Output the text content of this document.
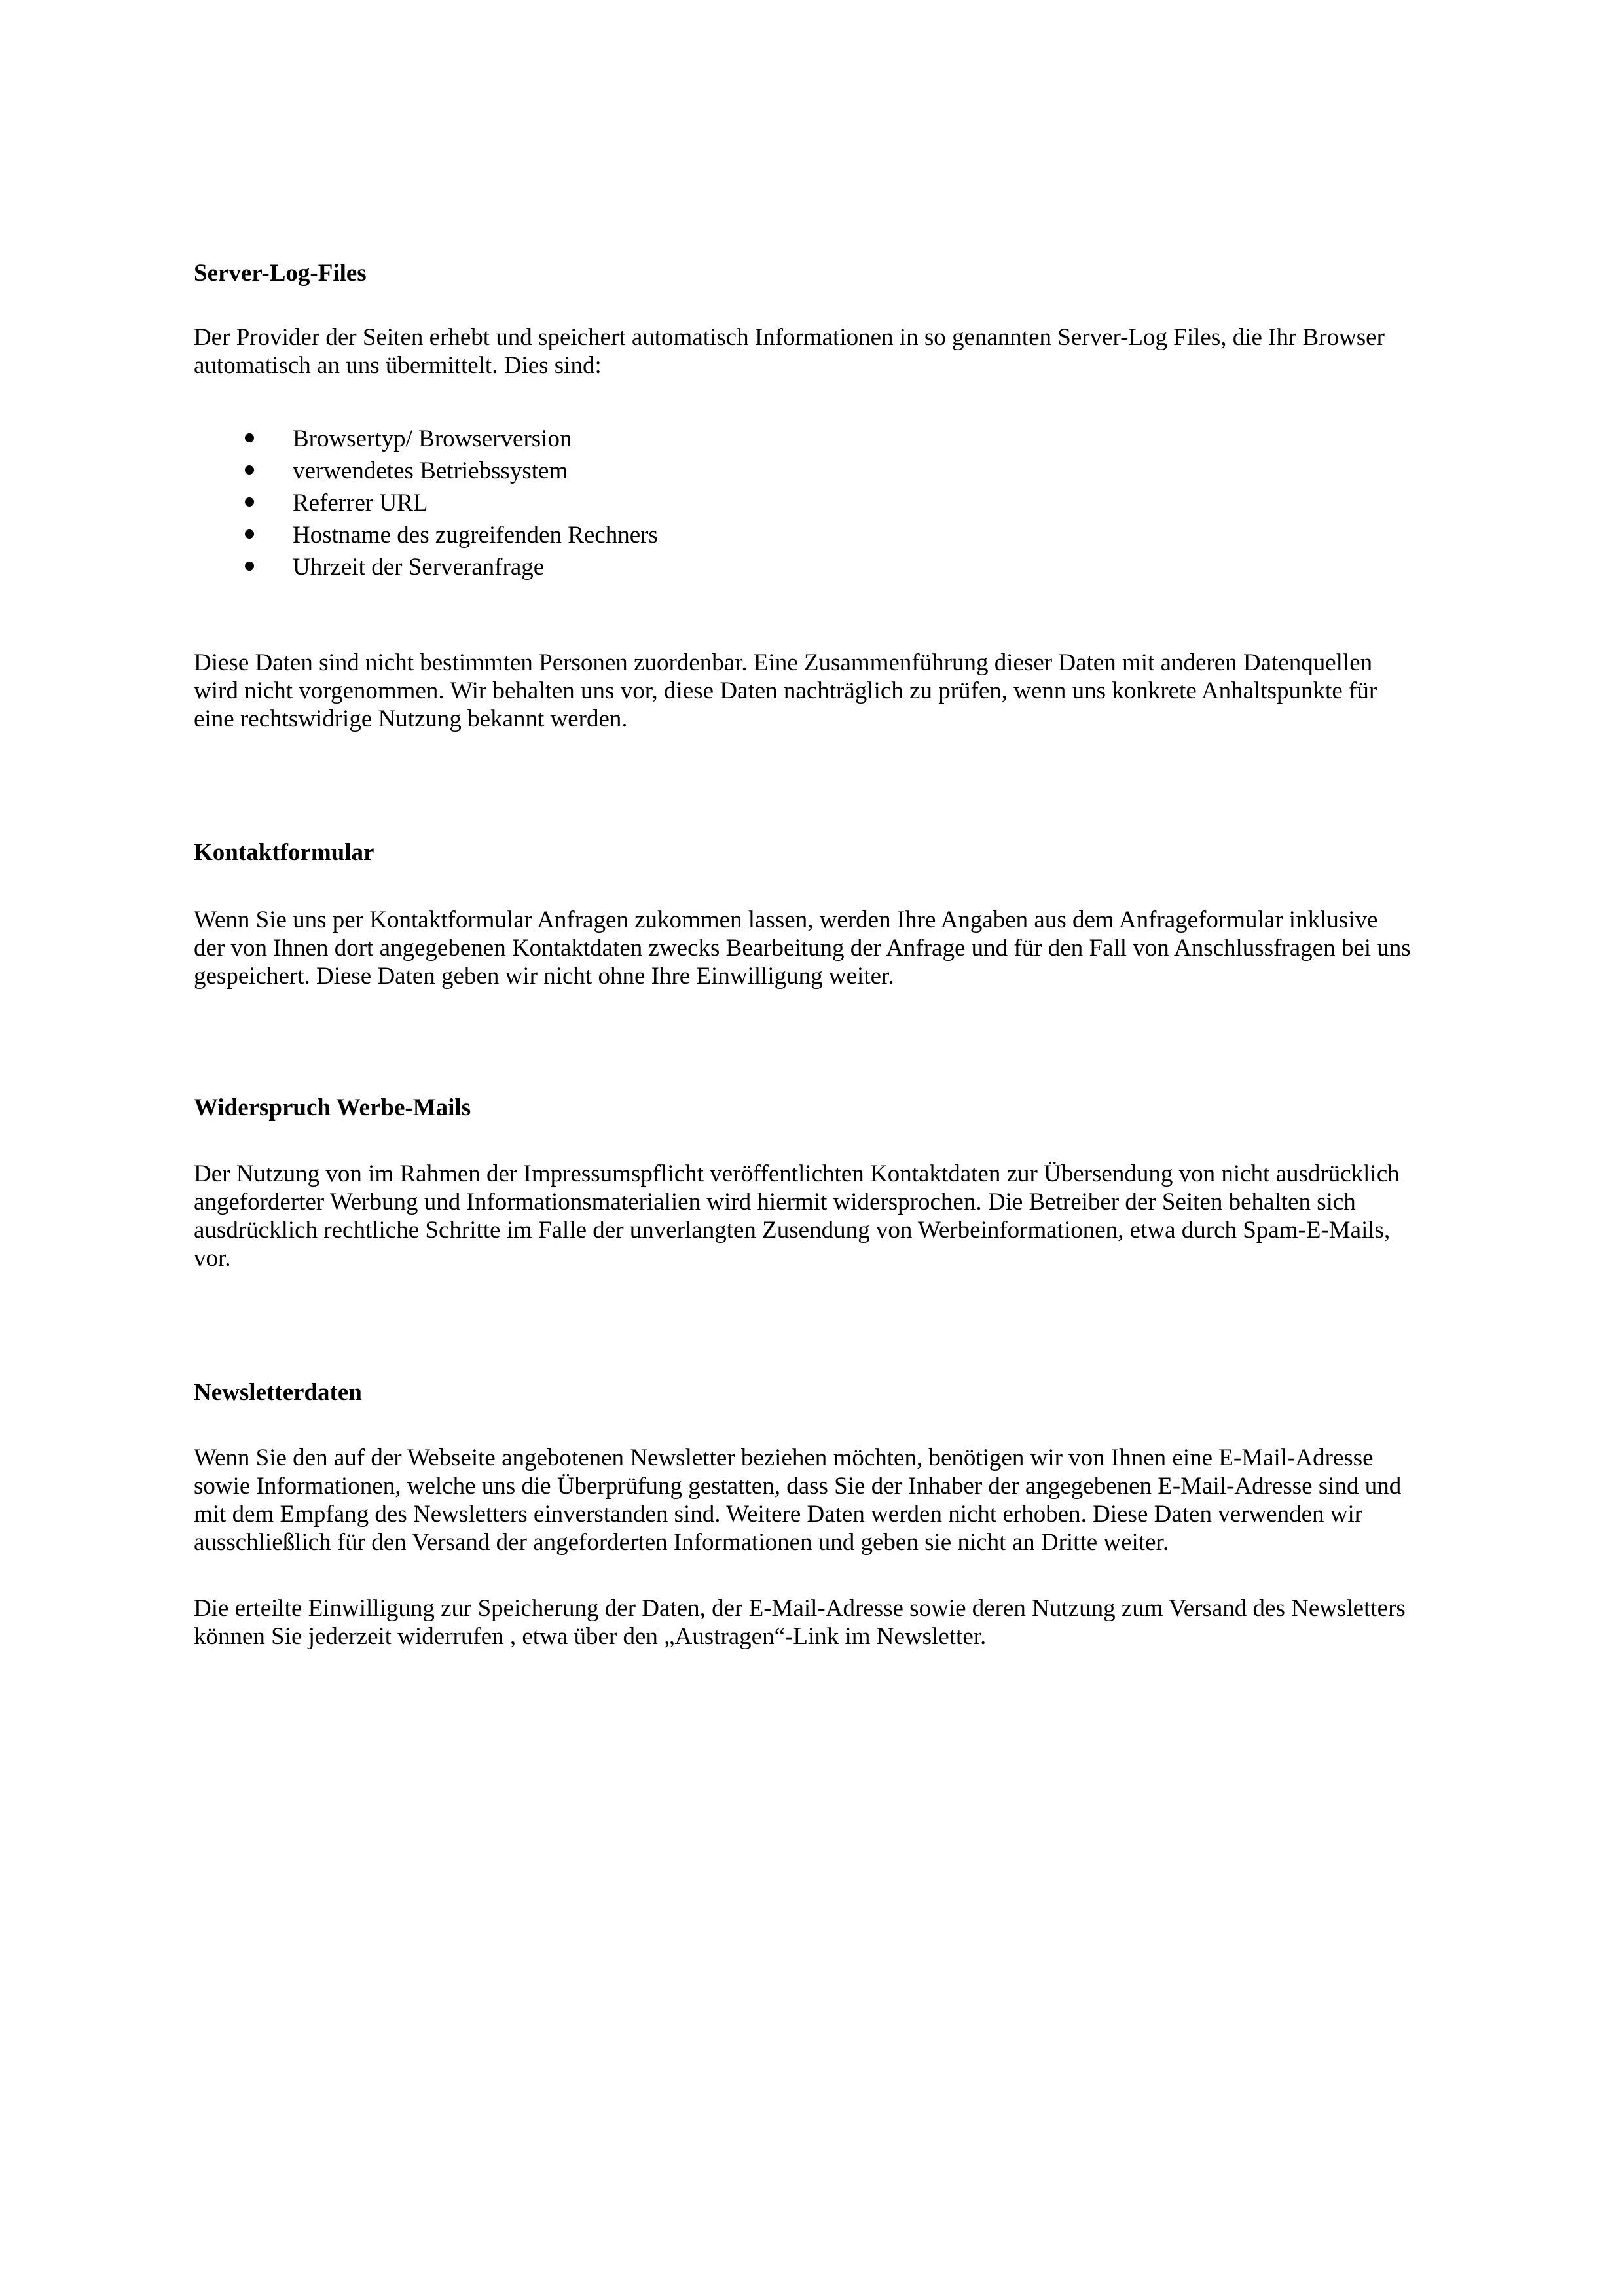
Server-Log-Files
Der Provider der Seiten erhebt und speichert automatisch Informationen in so genannten Server-Log Files, die Ihr Browser
automatisch an uns übermittelt. Dies sind:
Browsertyp/ Browserversion
verwendetes Betriebssystem
Referrer URL
Hostname des zugreifenden Rechners
Uhrzeit der Serveranfrage
Diese Daten sind nicht bestimmten Personen zuordenbar. Eine Zusammenführung dieser Daten mit anderen Datenquellen
wird nicht vorgenommen. Wir behalten uns vor, diese Daten nachträglich zu prüfen, wenn uns konkrete Anhaltspunkte für
eine rechtswidrige Nutzung bekannt werden.
Kontaktformular
Wenn Sie uns per Kontaktformular Anfragen zukommen lassen, werden Ihre Angaben aus dem Anfrageformular inklusive
der von Ihnen dort angegebenen Kontaktdaten zwecks Bearbeitung der Anfrage und für den Fall von Anschlussfragen bei uns
gespeichert. Diese Daten geben wir nicht ohne Ihre Einwilligung weiter.
Widerspruch Werbe-Mails
Der Nutzung von im Rahmen der Impressumspflicht veröffentlichten Kontaktdaten zur Übersendung von nicht ausdrücklich
angeforderter Werbung und Informationsmaterialien wird hiermit widersprochen. Die Betreiber der Seiten behalten sich
ausdrücklich rechtliche Schritte im Falle der unverlangten Zusendung von Werbeinformationen, etwa durch Spam-E-Mails,
vor.
Newsletterdaten
Wenn Sie den auf der Webseite angebotenen Newsletter beziehen möchten, benötigen wir von Ihnen eine E-Mail-Adresse
sowie Informationen, welche uns die Überprüfung gestatten, dass Sie der Inhaber der angegebenen E-Mail-Adresse sind und
mit dem Empfang des Newsletters einverstanden sind. Weitere Daten werden nicht erhoben. Diese Daten verwenden wir
ausschließlich für den Versand der angeforderten Informationen und geben sie nicht an Dritte weiter.
Die erteilte Einwilligung zur Speicherung der Daten, der E-Mail-Adresse sowie deren Nutzung zum Versand des Newsletters
können Sie jederzeit widerrufen , etwa über den „Austragen“-Link im Newsletter.
